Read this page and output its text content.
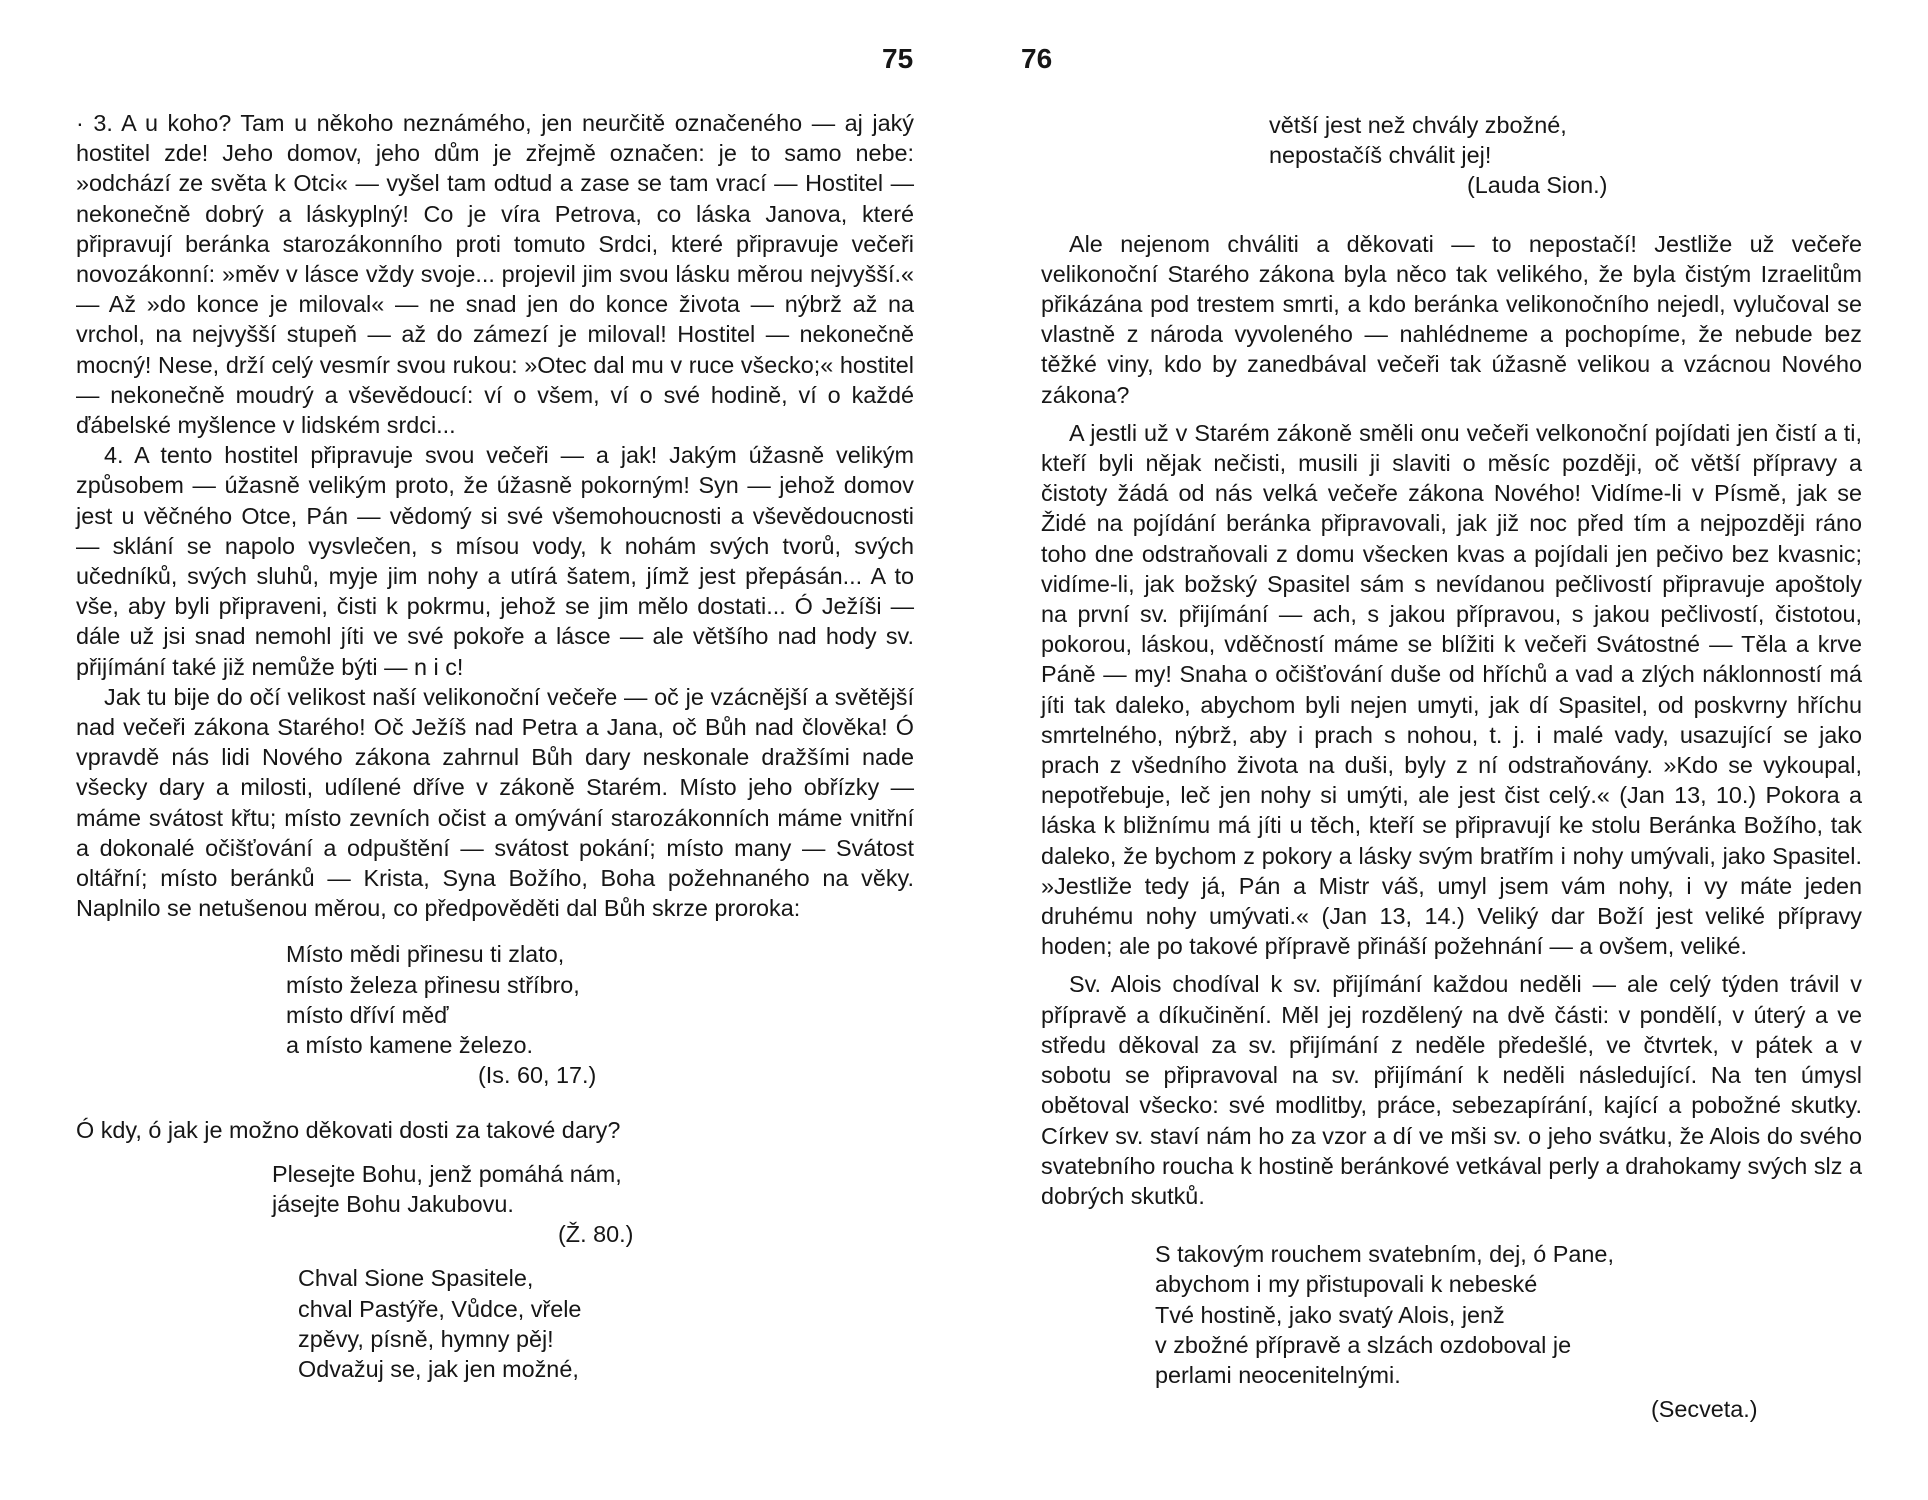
75

· 3. A u koho? Tam u někoho neznámého, jen neurčitě označeného — aj jaký hostitel zde! Jeho domov, jeho dům je zřejmě označen: je to samo nebe: »odchází ze světa k Otci« — vyšel tam odtud a zase se tam vrací — Hostitel — nekonečně dobrý a láskyplný! Co je víra Petrova, co láska Janova, které připravují beránka starozákonního proti tomuto Srdci, které připravuje večeři novozákonní: »měv v lásce vždy svoje... projevil jim svou lásku měrou nejvyšší.« — Až »do konce je miloval« — ne snad jen do konce života — nýbrž až na vrchol, na nejvyšší stupeň — až do zámezí je miloval! Hostitel — nekonečně mocný! Nese, drží celý vesmír svou rukou: »Otec dal mu v ruce všecko;« hostitel — nekonečně moudrý a vševědoucí: ví o všem, ví o své hodině, ví o každé ďábelské myšlence v lidském srdci...

4. A tento hostitel připravuje svou večeři — a jak! Jakým úžasně velikým způsobem — úžasně velikým proto, že úžasně pokorným! Syn — jehož domov jest u věčného Otce, Pán — vědomý si své všemohoucnosti a vševědoucnosti — sklání se napolo vysvlečen, s mísou vody, k nohám svých tvorů, svých učedníků, svých sluhů, myje jim nohy a utírá šatem, jímž jest přepásán... A to vše, aby byli připraveni, čisti k pokrmu, jehož se jim mělo dostati... Ó Ježíši — dále už jsi snad nemohl jíti ve své pokoře a lásce — ale většího nad hody sv. přijímání také již nemůže býti — n i c!

Jak tu bije do očí velikost naší velikonoční večeře — oč je vzácnější a světější nad večeři zákona Starého! Oč Ježíš nad Petra a Jana, oč Bůh nad člověka! Ó vpravdě nás lidi Nového zákona zahrnul Bůh dary neskonale dražšími nade všecky dary a milosti, udílené dříve v zákoně Starém. Místo jeho obřízky — máme svátost křtu; místo zevních očist a omývání starozákonních máme vnitřní a dokonalé očišťování a odpuštění — svátost pokání; místo many — Svátost oltářní; místo beránků — Krista, Syna Božího, Boha požehnaného na věky. Naplnilo se netušenou měrou, co předpověděti dal Bůh skrze proroka:

Místo mědi přinesu ti zlato,
místo železa přinesu stříbro,
místo dříví měď
a místo kamene železo.
(Is. 60, 17.)

Ó kdy, ó jak je možno děkovati dosti za takové dary?

Plesejte Bohu, jenž pomáhá nám,
jásejte Bohu Jakubovu.
(Ž. 80.)
Chval Sione Spasitele,
chval Pastýře, Vůdce, vřele
zpěvy, písně, hymny pěj!
Odvažuj se, jak jen možné,
76
větší jest než chvály zbožné,
nepostačíš chválit jej!
(Lauda Sion.)

Ale nejenom chváliti a děkovati — to nepostačí! Jestliže už večeře velikonoční Starého zákona byla něco tak velikého, že byla čistým Izraelitům přikázána pod trestem smrti, a kdo beránka velikonočního nejedl, vylučoval se vlastně z národa vyvoleného — nahlédneme a pochopíme, že nebude bez těžké viny, kdo by zanedbával večeři tak úžasně velikou a vzácnou Nového zákona?

A jestli už v Starém zákoně směli onu večeři velkonoční pojídati jen čistí a ti, kteří byli nějak nečisti, musili ji slaviti o měsíc později, oč větší přípravy a čistoty žádá od nás velká večeře zákona Nového! Vidíme-li v Písmě, jak se Židé na pojídání beránka připravovali, jak již noc před tím a nejpozději ráno toho dne odstraňovali z domu všecken kvas a pojídali jen pečivo bez kvasnic; vidíme-li, jak božský Spasitel sám s nevídanou pečlivostí připravuje apoštoly na první sv. přijímání — ach, s jakou přípravou, s jakou pečlivostí, čistotou, pokorou, láskou, vděčností máme se blížiti k večeři Svátostné — Těla a krve Páně — my! Snaha o očišťování duše od hříchů a vad a zlých náklonností má jíti tak daleko, abychom byli nejen umyti, jak dí Spasitel, od poskvrny hříchu smrtelného, nýbrž, aby i prach s nohou, t. j. i malé vady, usazující se jako prach z všedního života na duši, byly z ní odstraňovány. »Kdo se vykoupal, nepotřebuje, leč jen nohy si umýti, ale jest čist celý.« (Jan 13, 10.) Pokora a láska k bližnímu má jíti u těch, kteří se připravují ke stolu Beránka Božího, tak daleko, že bychom z pokory a lásky svým bratřím i nohy umývali, jako Spasitel. »Jestliže tedy já, Pán a Mistr váš, umyl jsem vám nohy, i vy máte jeden druhému nohy umývati.« (Jan 13, 14.) Veliký dar Boží jest veliké přípravy hoden; ale po takové přípravě přináší požehnání — a ovšem, veliké.

Sv. Alois chodíval k sv. přijímání každou neděli — ale celý týden trávil v přípravě a díkučinění. Měl jej rozdělený na dvě části: v pondělí, v úterý a ve středu děkoval za sv. přijímání z neděle předešlé, ve čtvrtek, v pátek a v sobotu se připravoval na sv. přijímání k neděli následující. Na ten úmysl obětoval všecko: své modlitby, práce, sebezapírání, kající a pobožné skutky. Církev sv. staví nám ho za vzor a dí ve mši sv. o jeho svátku, že Alois do svého svatebního roucha k hostině beránkové vetkával perly a drahokamy svých slz a dobrých skutků.

S takovým rouchem svatebním, dej, ó Pane,
abychom i my přistupovali k nebeské
Tvé hostině, jako svatý Alois, jenž
v zbožné přípravě a slzách ozdoboval je
perlami neocenitelnými.
(Secveta.)
